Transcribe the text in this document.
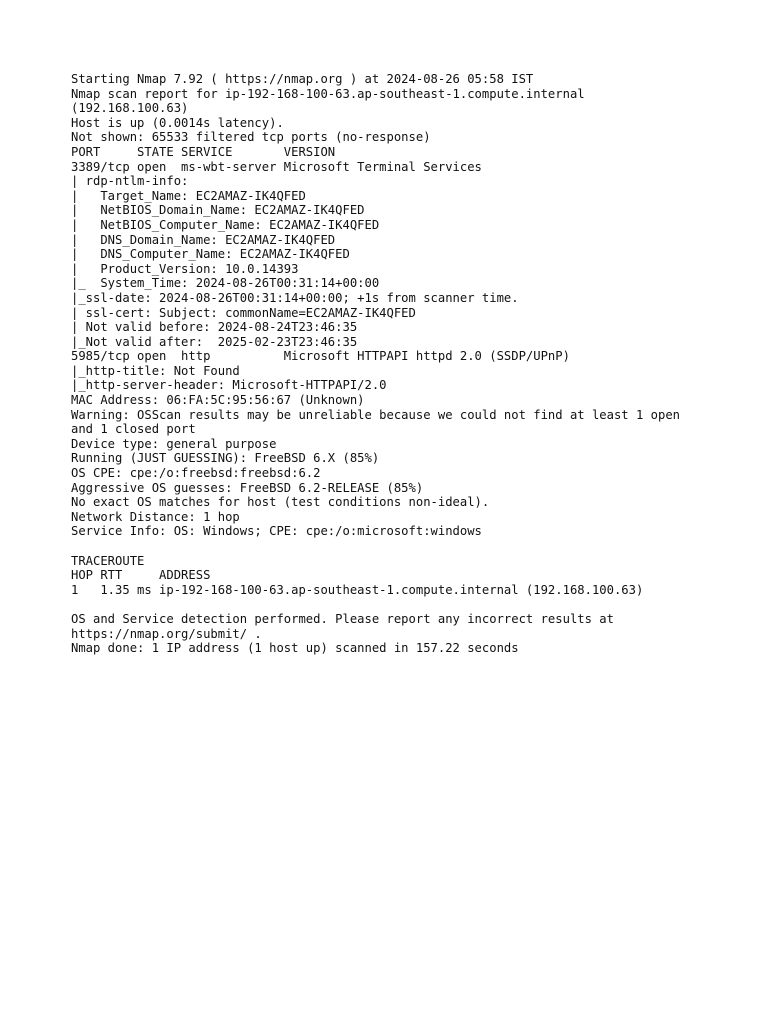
Starting Nmap 7.92 ( https://nmap.org ) at 2024-08-26 05:58 IST
Nmap scan report for ip-192-168-100-63.ap-southeast-1.compute.internal
(192.168.100.63)
Host is up (0.0014s latency).
Not shown: 65533 filtered tcp ports (no-response)
PORT     STATE SERVICE       VERSION
3389/tcp open  ms-wbt-server Microsoft Terminal Services
| rdp-ntlm-info:
|   Target_Name: EC2AMAZ-IK4QFED
|   NetBIOS_Domain_Name: EC2AMAZ-IK4QFED
|   NetBIOS_Computer_Name: EC2AMAZ-IK4QFED
|   DNS_Domain_Name: EC2AMAZ-IK4QFED
|   DNS_Computer_Name: EC2AMAZ-IK4QFED
|   Product_Version: 10.0.14393
|_  System_Time: 2024-08-26T00:31:14+00:00
|_ssl-date: 2024-08-26T00:31:14+00:00; +1s from scanner time.
| ssl-cert: Subject: commonName=EC2AMAZ-IK4QFED
| Not valid before: 2024-08-24T23:46:35
|_Not valid after:  2025-02-23T23:46:35
5985/tcp open  http          Microsoft HTTPAPI httpd 2.0 (SSDP/UPnP)
|_http-title: Not Found
|_http-server-header: Microsoft-HTTPAPI/2.0
MAC Address: 06:FA:5C:95:56:67 (Unknown)
Warning: OSScan results may be unreliable because we could not find at least 1 open
and 1 closed port
Device type: general purpose
Running (JUST GUESSING): FreeBSD 6.X (85%)
OS CPE: cpe:/o:freebsd:freebsd:6.2
Aggressive OS guesses: FreeBSD 6.2-RELEASE (85%)
No exact OS matches for host (test conditions non-ideal).
Network Distance: 1 hop
Service Info: OS: Windows; CPE: cpe:/o:microsoft:windows
TRACEROUTE
HOP RTT     ADDRESS
1   1.35 ms ip-192-168-100-63.ap-southeast-1.compute.internal (192.168.100.63)
OS and Service detection performed. Please report any incorrect results at
https://nmap.org/submit/ .
Nmap done: 1 IP address (1 host up) scanned in 157.22 seconds
